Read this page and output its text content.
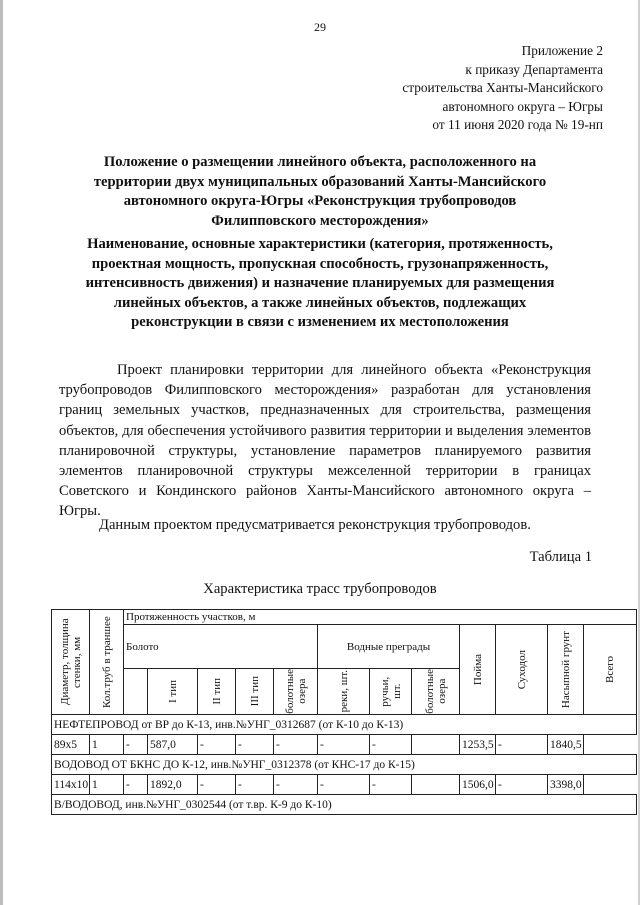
29
Приложение 2
к приказу Департамента
строительства Ханты-Мансийского
автономного округа – Югры
от 11 июня 2020 года № 19-нп
Положение о размещении линейного объекта, расположенного на территории двух муниципальных образований Ханты-Мансийского автономного округа-Югры «Реконструкция трубопроводов Филипповского месторождения»
Наименование, основные характеристики (категория, протяженность, проектная мощность, пропускная способность, грузонапряженность, интенсивность движения) и назначение планируемых для размещения линейных объектов, а также линейных объектов, подлежащих реконструкции в связи с изменением их местоположения
Проект планировки территории для линейного объекта «Реконструкция трубопроводов Филипповского месторождения» разработан для установления границ земельных участков, предназначенных для строительства, размещения объектов, для обеспечения устойчивого развития территории и выделения элементов планировочной структуры, установление параметров планируемого развития элементов планировочной структуры межселенной территории в границах Советского и Кондинского районов Ханты-Мансийского автономного округа – Югры.
Данным проектом предусматривается реконструкция трубопроводов.
Таблица 1
Характеристика трасс трубопроводов
Диаметр, толщина стенки, мм	Кол.труб в траншее	Протяженность участков, м											
		Болото					Водные преграды			Пойма	Суходол	Насыпной грунт	Всего

			I тип	II тип	III тип	болотные озера	реки, шт.	ручьи, шт.	болотные озера				

НЕФТЕПРОВОД от ВР до К-13, инв.№УНГ_0312687 (от К-10 до К-13)													
89х5	1	-	587,0	-	-	-	-	-		1253,5	-	1840,5	
ВОДОВОД ОТ БКНС ДО К-12, инв.№УНГ_0312378 (от КНС-17 до К-15)													
114х10	1	-	1892,0	-	-	-	-	-		1506,0	-	3398,0	
В/ВОДОВОД, инв.№УНГ_0302544 (от т.вр. К-9 до К-10)													
